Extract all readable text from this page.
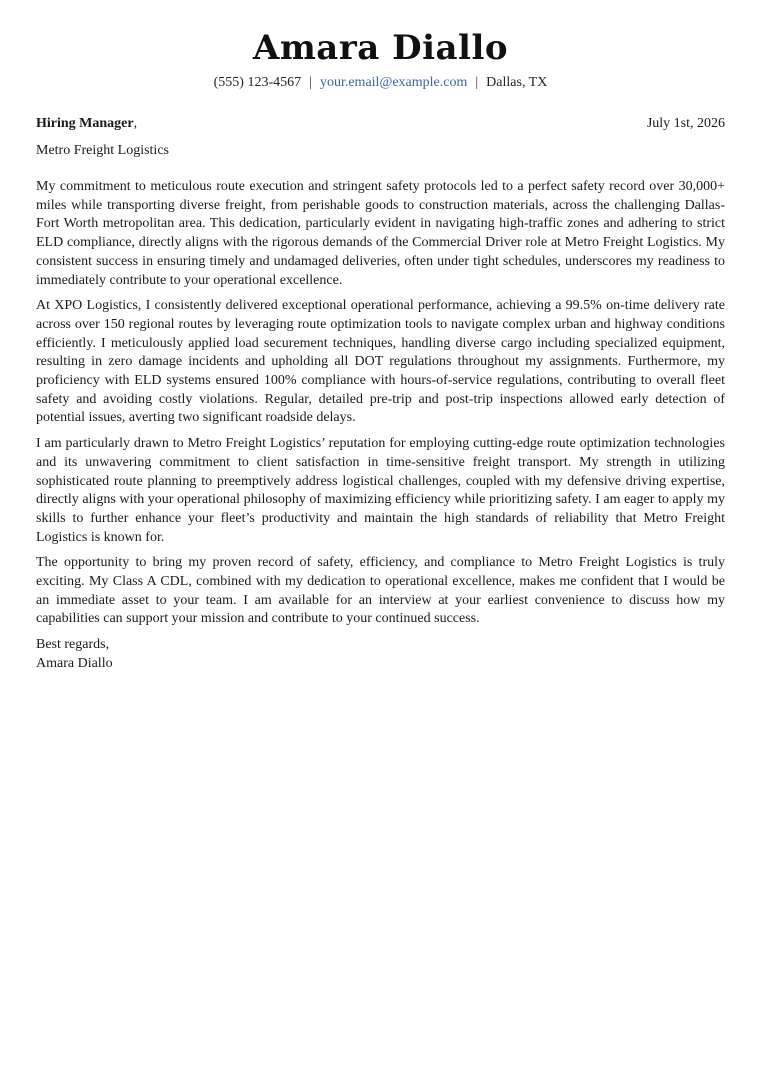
Amara Diallo
(555) 123-4567 | your.email@example.com | Dallas, TX
Hiring Manager,	July 1st, 2026
Metro Freight Logistics

My commitment to meticulous route execution and stringent safety protocols led to a perfect safety record over 30,000+ miles while transporting diverse freight, from perishable goods to construction materials, across the challenging Dallas-Fort Worth metropolitan area. This dedication, particularly evident in navigating high-traffic zones and adhering to strict ELD compliance, directly aligns with the rigorous demands of the Commercial Driver role at Metro Freight Logistics. My consistent success in ensuring timely and undamaged deliveries, often under tight schedules, underscores my readiness to immediately contribute to your operational excellence.

At XPO Logistics, I consistently delivered exceptional operational performance, achieving a 99.5% on-time delivery rate across over 150 regional routes by leveraging route optimization tools to navigate complex urban and highway conditions efficiently. I meticulously applied load securement techniques, handling diverse cargo including specialized equipment, resulting in zero damage incidents and upholding all DOT regulations throughout my assignments. Furthermore, my proficiency with ELD systems ensured 100% compliance with hours-of-service regulations, contributing to overall fleet safety and avoiding costly violations. Regular, detailed pre-trip and post-trip inspections allowed early detection of potential issues, averting two significant roadside delays.

I am particularly drawn to Metro Freight Logistics’ reputation for employing cutting-edge route optimization technologies and its unwavering commitment to client satisfaction in time-sensitive freight transport. My strength in utilizing sophisticated route planning to preemptively address logistical challenges, coupled with my defensive driving expertise, directly aligns with your operational philosophy of maximizing efficiency while prioritizing safety. I am eager to apply my skills to further enhance your fleet’s productivity and maintain the high standards of reliability that Metro Freight Logistics is known for.

The opportunity to bring my proven record of safety, efficiency, and compliance to Metro Freight Logistics is truly exciting. My Class A CDL, combined with my dedication to operational excellence, makes me confident that I would be an immediate asset to your team. I am available for an interview at your earliest convenience to discuss how my capabilities can support your mission and contribute to your continued success.

Best regards,
Amara Diallo
